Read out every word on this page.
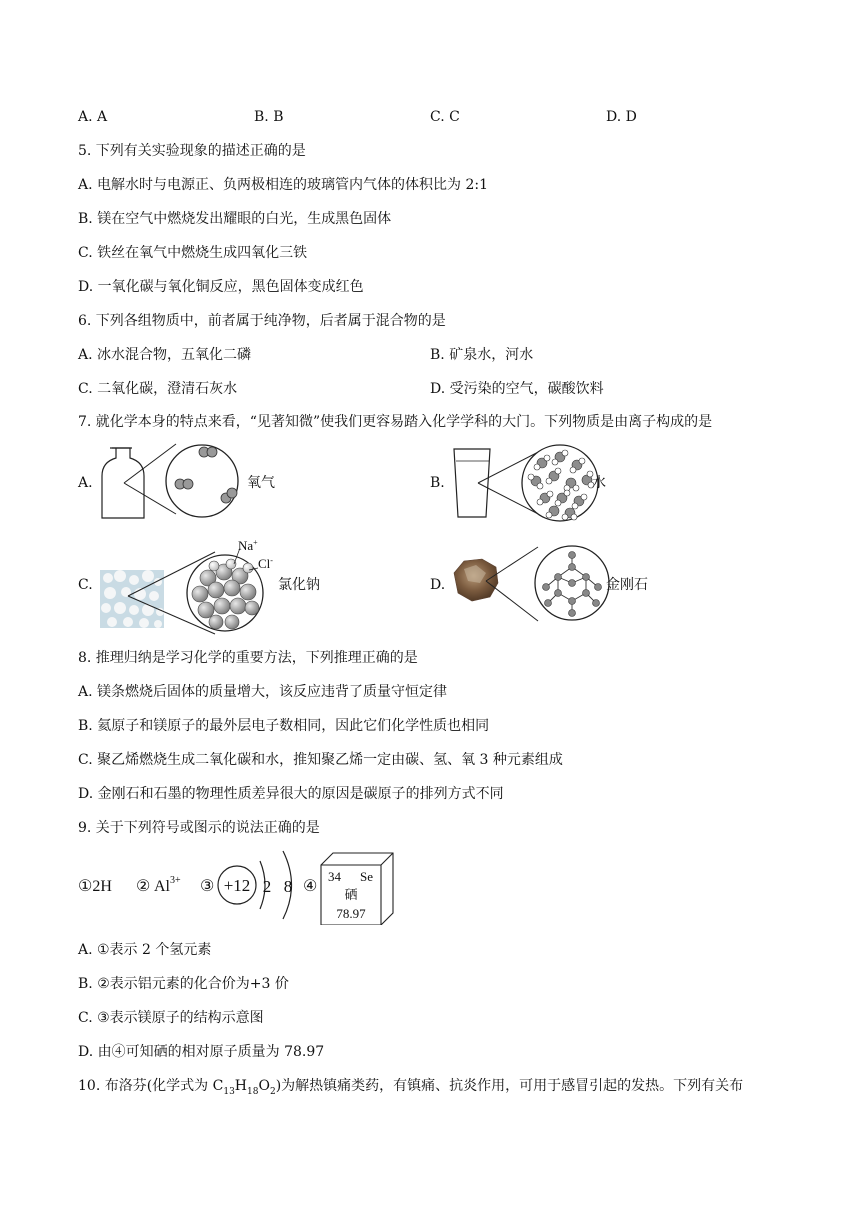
A. A	B. B	C. C	D. D
5. 下列有关实验现象的描述正确的是
A. 电解水时与电源正、负两极相连的玻璃管内气体的体积比为 2:1
B. 镁在空气中燃烧发出耀眼的白光，生成黑色固体
C. 铁丝在氧气中燃烧生成四氧化三铁
D. 一氧化碳与氧化铜反应，黑色固体变成红色
6. 下列各组物质中，前者属于纯净物，后者属于混合物的是
A. 冰水混合物，五氧化二磷	B. 矿泉水，河水
C. 二氧化碳，澄清石灰水	D. 受污染的空气，碳酸饮料
7. 就化学本身的特点来看，“见著知微”使我们更容易踏入化学学科的大门。下列物质是由离子构成的是
A.	氧气	B.	水
C.
Na+
Cl-
氯化钠	D.	金刚石
8. 推理归纳是学习化学的重要方法，下列推理正确的是
A. 镁条燃烧后固体的质量增大，该反应违背了质量守恒定律
B. 氦原子和镁原子的最外层电子数相同，因此它们化学性质也相同
C. 聚乙烯燃烧生成二氧化碳和水，推知聚乙烯一定由碳、氢、氧 3 种元素组成
D. 金刚石和石墨的物理性质差异很大的原因是碳原子的排列方式不同
9. 关于下列符号或图示的说法正确的是
①2H ② $Al^{3+}$ ③ +12 2 8 ④
34 Se
硒
78.97
A. ①表示 2 个氢元素
B. ②表示铝元素的化合价为+3 价
C. ③表示镁原子的结构示意图
D. 由④可知硒的相对原子质量为 78.97
10. 布洛芬(化学式为 $C_{13}H_{18}O_2$)为解热镇痛类药，有镇痛、抗炎作用，可用于感冒引起的发热。下列有关布
